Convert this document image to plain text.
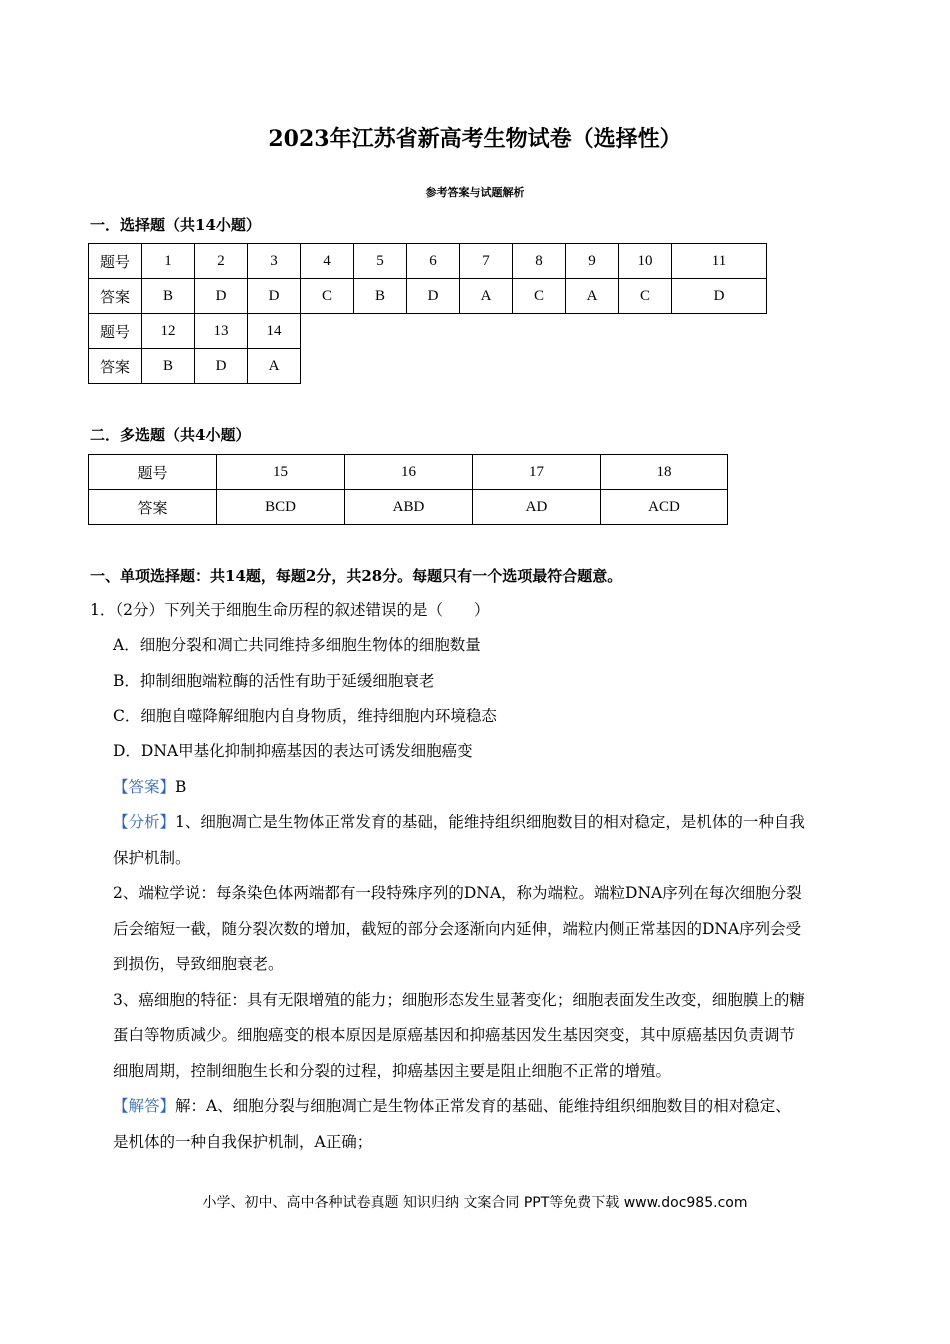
2023年江苏省新高考生物试卷（选择性）
参考答案与试题解析
一．选择题（共14小题）
题号	1	2	3	4	5	6	7	8	9	10	11
答案	B	D	D	C	B	D	A	C	A	C	D
题号	12	13	14								
答案	B	D	A								
二．多选题（共4小题）
题号	15	16	17	18
答案	BCD	ABD	AD	ACD
一、单项选择题：共14题，每题2分，共28分。每题只有一个选项最符合题意。
1．（2分）下列关于细胞生命历程的叙述错误的是（　　）
A．细胞分裂和凋亡共同维持多细胞生物体的细胞数量
B．抑制细胞端粒酶的活性有助于延缓细胞衰老
C．细胞自噬降解细胞内自身物质，维持细胞内环境稳态
D．DNA甲基化抑制抑癌基因的表达可诱发细胞癌变
【答案】B
【分析】1、细胞凋亡是生物体正常发育的基础，能维持组织细胞数目的相对稳定，是机体的一种自我
保护机制。
2、端粒学说：每条染色体两端都有一段特殊序列的DNA，称为端粒。端粒DNA序列在每次细胞分裂
后会缩短一截，随分裂次数的增加，截短的部分会逐渐向内延伸，端粒内侧正常基因的DNA序列会受
到损伤，导致细胞衰老。
3、癌细胞的特征：具有无限增殖的能力；细胞形态发生显著变化；细胞表面发生改变，细胞膜上的糖
蛋白等物质减少。细胞癌变的根本原因是原癌基因和抑癌基因发生基因突变，其中原癌基因负责调节
细胞周期，控制细胞生长和分裂的过程，抑癌基因主要是阻止细胞不正常的增殖。
【解答】解：A、细胞分裂与细胞凋亡是生物体正常发育的基础、能维持组织细胞数目的相对稳定、
是机体的一种自我保护机制，A正确；
小学、初中、高中各种试卷真题 知识归纳 文案合同 PPT等免费下载 www.doc985.com
